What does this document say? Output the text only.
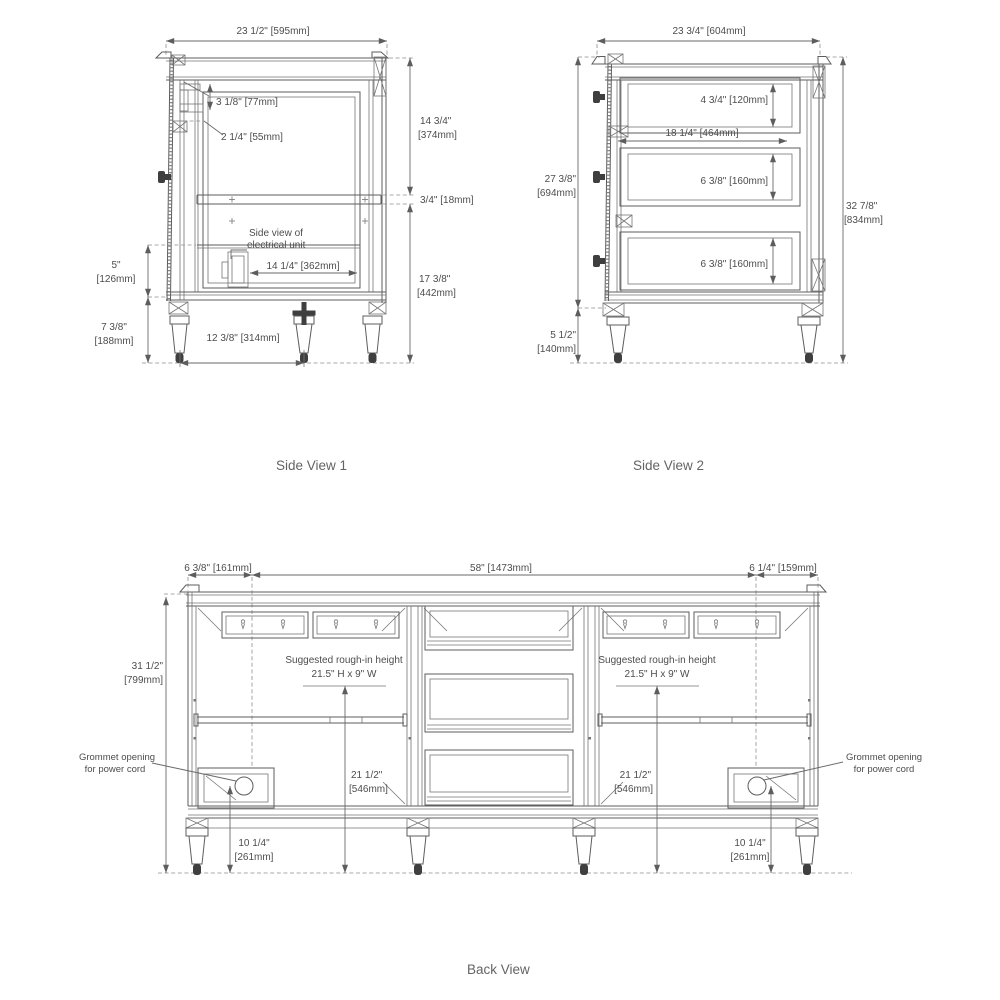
23 1/2" [595mm]
Side view of
electrical unit
14 1/4" [362mm]
3 1/8" [77mm]
2 1/4" [55mm]
14 3/4"
[374mm]
3/4" [18mm]
17 3/8"
[442mm]
5"
[126mm]
7 3/8"
[188mm]	12 3/8" [314mm]
Side View 1
23 3/4" [604mm]
4 3/4" [120mm]
18 1/4" [464mm]
6 3/8" [160mm]
6 3/8" [160mm]
27 3/8"
[694mm]
5 1/2"
[140mm]
32 7/8"
[834mm]
Side View 2
6 3/8" [161mm]	58" [1473mm]	6 1/4" [159mm]
Suggested rough-in height
21.5" H x 9" W
21 1/2"
[546mm]
Suggested rough-in height
21.5" H x 9" W
21 1/2"
[546mm]
10 1/4"
[261mm]
10 1/4"
[261mm]
31 1/2"
[799mm]
Grommet opening
for power cord
Grommet opening
for power cord
Back View
